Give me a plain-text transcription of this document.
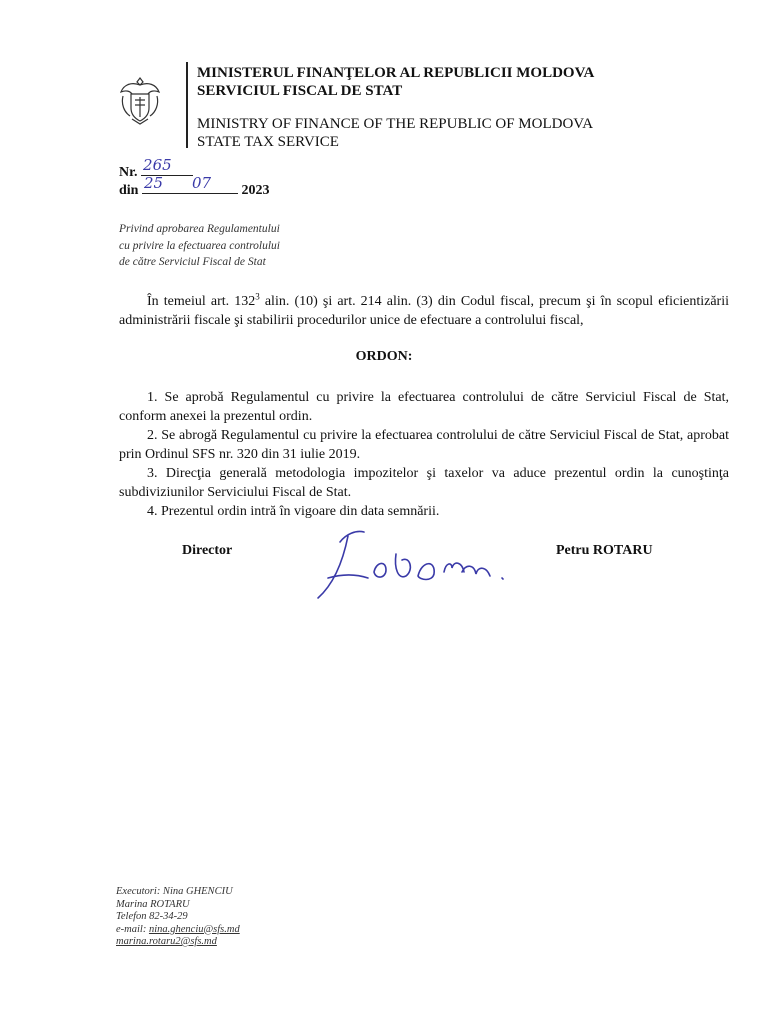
MINISTERUL FINANŢELOR AL REPUBLICII MOLDOVA
SERVICIUL FISCAL DE STAT
MINISTRY OF FINANCE OF THE REPUBLIC OF MOLDOVA
STATE TAX SERVICE
Nr. 265
din 25 07 2023
Privind aprobarea Regulamentului
cu privire la efectuarea controlului
de către Serviciul Fiscal de Stat
În temeiul art. $132^3$ alin. (10) şi art. 214 alin. (3) din Codul fiscal, precum şi în scopul eficientizării administrării fiscale şi stabilirii procedurilor unice de efectuare a controlului fiscal,
ORDON:

1. Se aprobă Regulamentul cu privire la efectuarea controlului de către Serviciul Fiscal de Stat, conform anexei la prezentul ordin.

2. Se abrogă Regulamentul cu privire la efectuarea controlului de către Serviciul Fiscal de Stat, aprobat prin Ordinul SFS nr. 320 din 31 iulie 2019.

3. Direcţia generală metodologia impozitelor şi taxelor va aduce prezentul ordin la cunoştinţa subdiviziunilor Serviciului Fiscal de Stat.

4. Prezentul ordin intră în vigoare din data semnării.

Director	Petru ROTARU
Executori: Nina GHENCIU
Marina ROTARU
Telefon 82-34-29
e-mail: nina.ghenciu@sfs.md
marina.rotaru2@sfs.md
